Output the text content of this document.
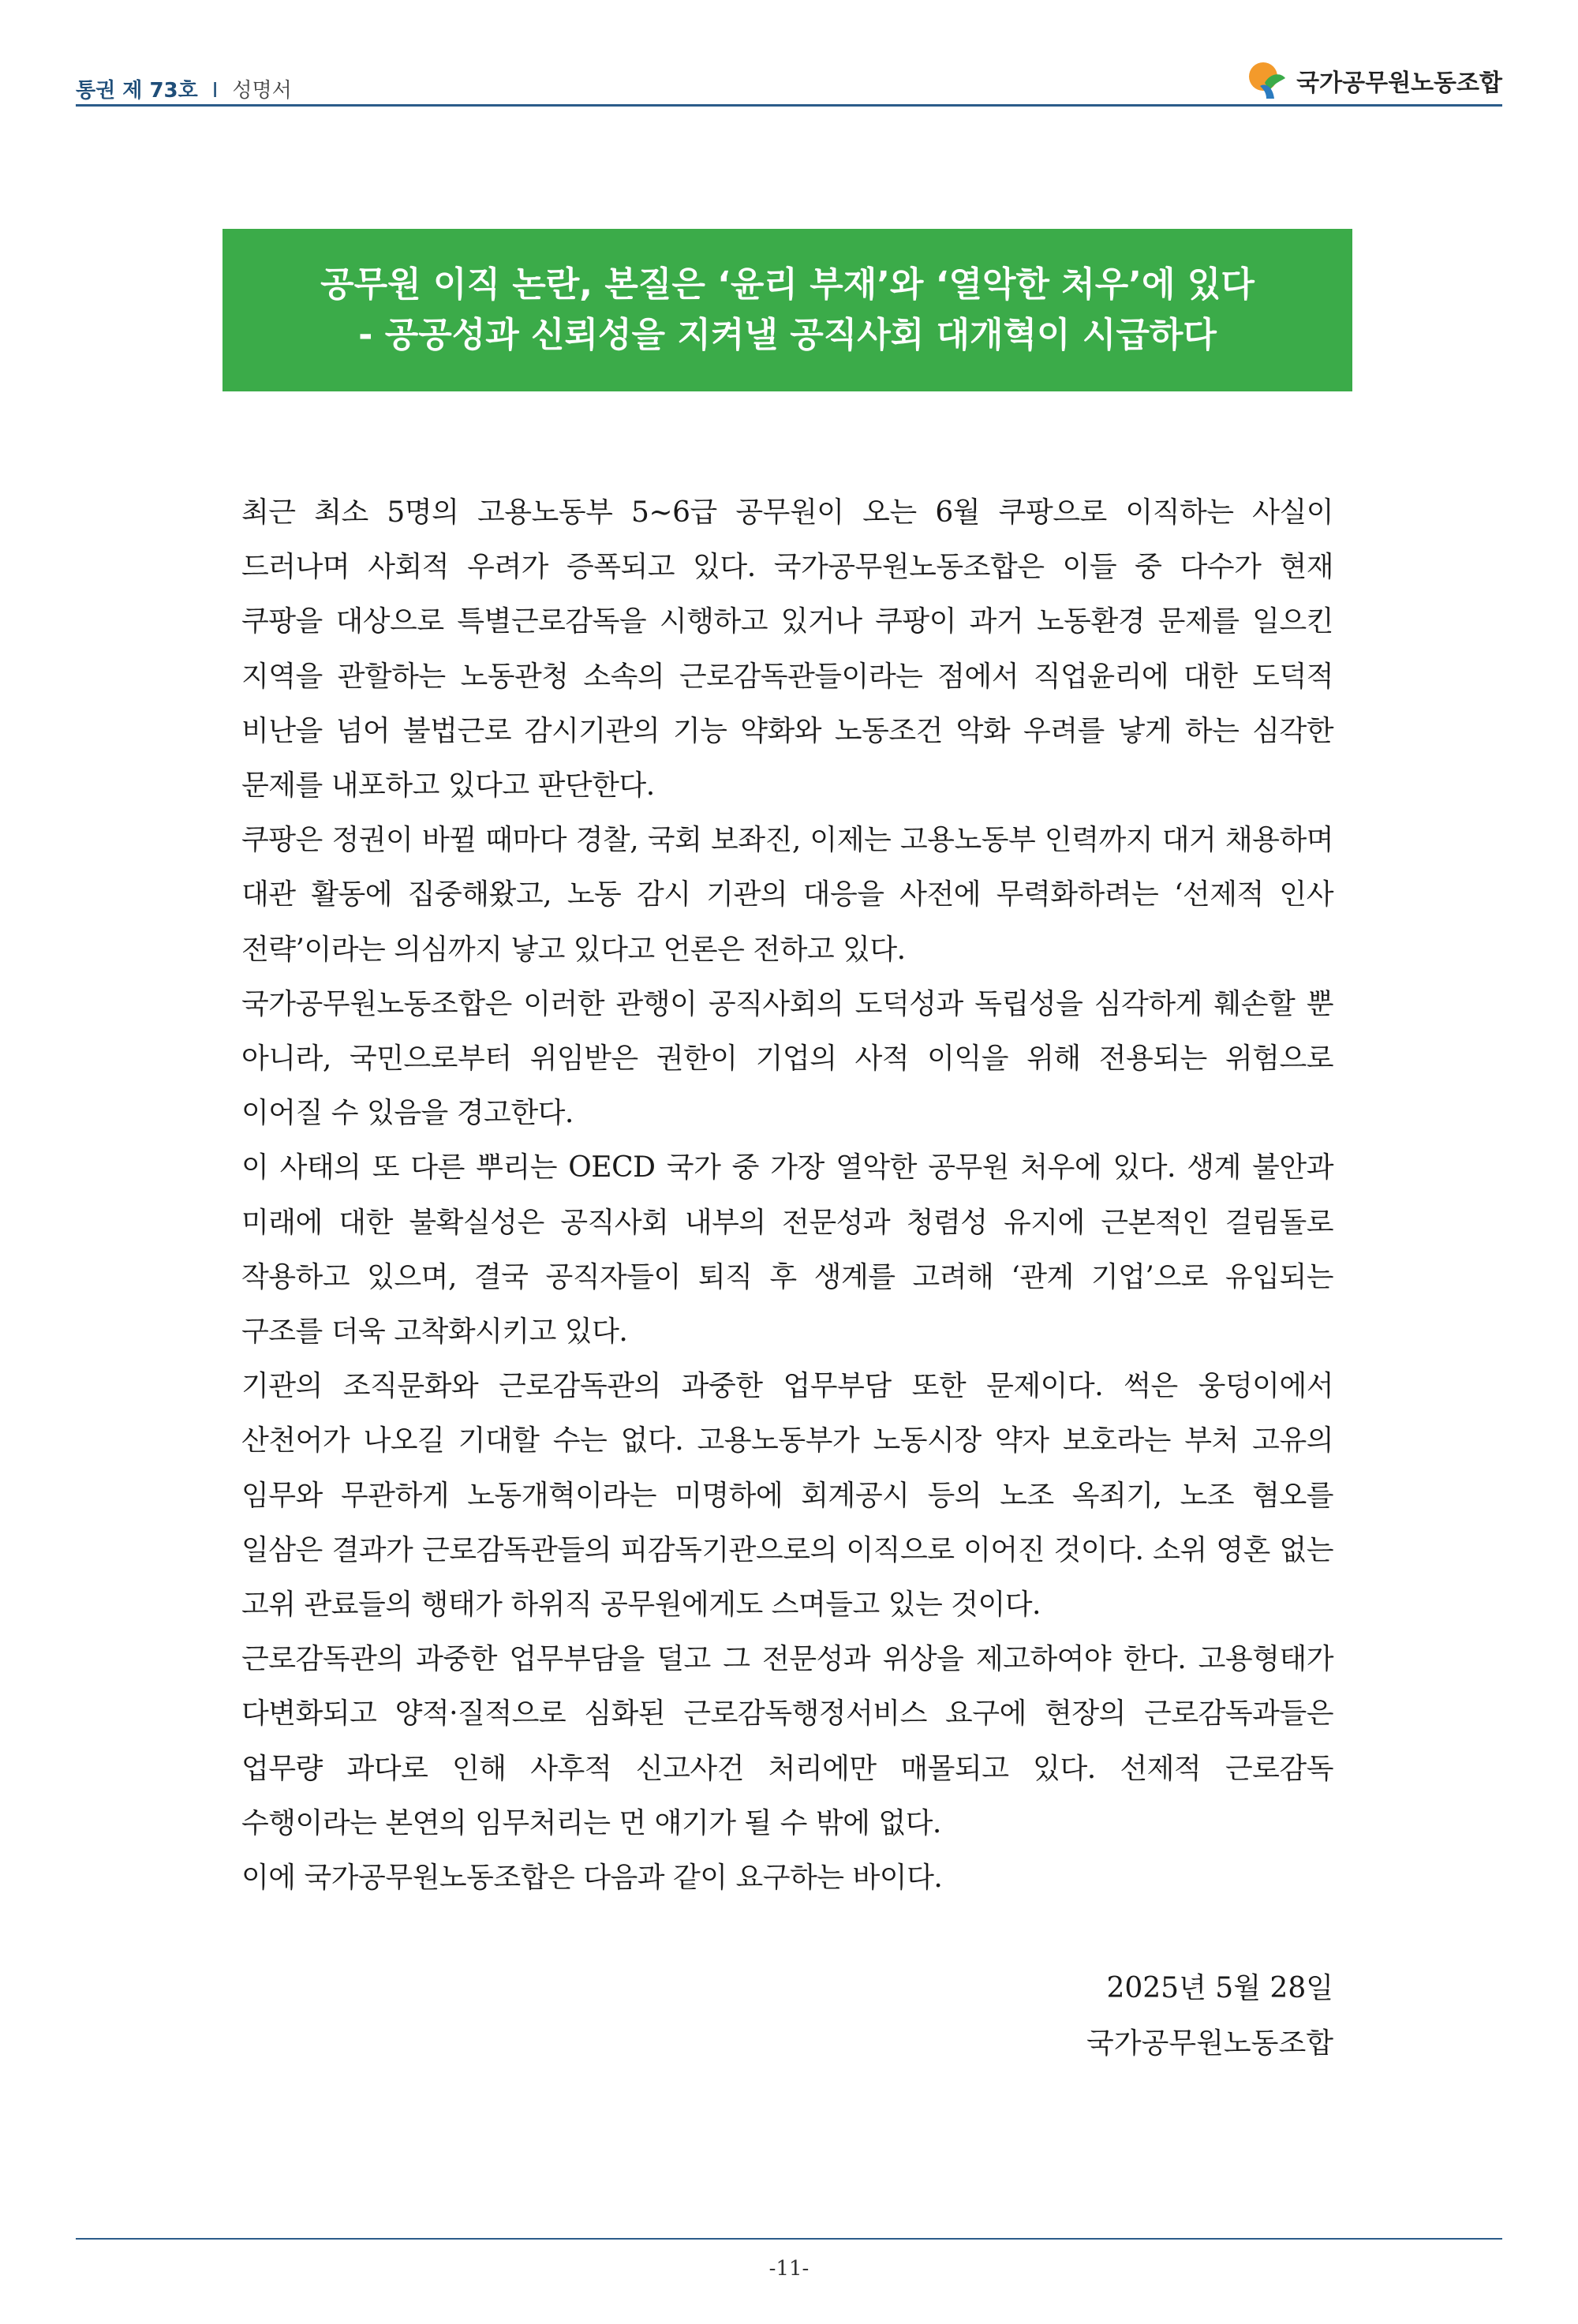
통권 제 73호 I 성명서	국가공무원노동조합
공무원 이직 논란, 본질은 ‘윤리 부재’와 ‘열악한 처우’에 있다
- 공공성과 신뢰성을 지켜낼 공직사회 대개혁이 시급하다

최근 최소 5명의 고용노동부 5~6급 공무원이 오는 6월 쿠팡으로 이직하는 사실이 드러나며 사회적 우려가 증폭되고 있다. 국가공무원노동조합은 이들 중 다수가 현재 쿠팡을 대상으로 특별근로감독을 시행하고 있거나 쿠팡이 과거 노동환경 문제를 일으킨 지역을 관할하는 노동관청 소속의 근로감독관들이라는 점에서 직업윤리에 대한 도덕적 비난을 넘어 불법근로 감시기관의 기능 약화와 노동조건 악화 우려를 낳게 하는 심각한 문제를 내포하고 있다고 판단한다.

쿠팡은 정권이 바뀔 때마다 경찰, 국회 보좌진, 이제는 고용노동부 인력까지 대거 채용하며 대관 활동에 집중해왔고, 노동 감시 기관의 대응을 사전에 무력화하려는 ‘선제적 인사 전략’이라는 의심까지 낳고 있다고 언론은 전하고 있다.

국가공무원노동조합은 이러한 관행이 공직사회의 도덕성과 독립성을 심각하게 훼손할 뿐 아니라, 국민으로부터 위임받은 권한이 기업의 사적 이익을 위해 전용되는 위험으로 이어질 수 있음을 경고한다.

이 사태의 또 다른 뿌리는 OECD 국가 중 가장 열악한 공무원 처우에 있다. 생계 불안과 미래에 대한 불확실성은 공직사회 내부의 전문성과 청렴성 유지에 근본적인 걸림돌로 작용하고 있으며, 결국 공직자들이 퇴직 후 생계를 고려해 ‘관계 기업’으로 유입되는 구조를 더욱 고착화시키고 있다.

기관의 조직문화와 근로감독관의 과중한 업무부담 또한 문제이다. 썩은 웅덩이에서 산천어가 나오길 기대할 수는 없다. 고용노동부가 노동시장 약자 보호라는 부처 고유의 임무와 무관하게 노동개혁이라는 미명하에 회계공시 등의 노조 옥죄기, 노조 혐오를 일삼은 결과가 근로감독관들의 피감독기관으로의 이직으로 이어진 것이다. 소위 영혼 없는 고위 관료들의 행태가 하위직 공무원에게도 스며들고 있는 것이다.

근로감독관의 과중한 업무부담을 덜고 그 전문성과 위상을 제고하여야 한다. 고용형태가 다변화되고 양적·질적으로 심화된 근로감독행정서비스 요구에 현장의 근로감독과들은 업무량 과다로 인해 사후적 신고사건 처리에만 매몰되고 있다. 선제적 근로감독 수행이라는 본연의 임무처리는 먼 얘기가 될 수 밖에 없다.

이에 국가공무원노동조합은 다음과 같이 요구하는 바이다.

2025년 5월 28일
국가공무원노동조합
-11-
